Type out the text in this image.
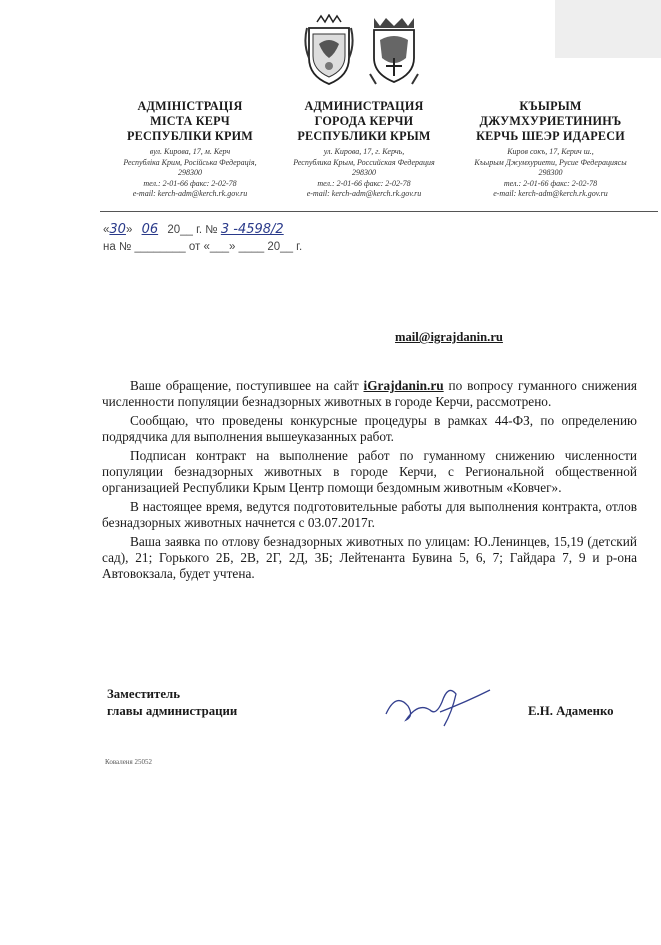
АДМІНІСТРАЦІЯ
МІСТА КЕРЧ
РЕСПУБЛІКИ КРИМ
вул. Кирова, 17, м. Керч
Республіка Крим, Російська Федерація,
298300
тел.: 2-01-66 факс: 2-02-78
e-mail: kerch-adm@kerch.rk.gov.ru
АДМИНИСТРАЦИЯ
ГОРОДА КЕРЧИ
РЕСПУБЛИКИ КРЫМ
ул. Кирова, 17, г. Керчь,
Республика Крым, Российская Федерация
298300
тел.: 2-01-66 факс: 2-02-78
e-mail: kerch-adm@kerch.rk.gov.ru
КЪЫРЫМ
ДЖУМХУРИЕТИНИНЪ
КЕРЧЬ ШЕЭР ИДАРЕСИ
Киров сокъ, 17, Керич ш.,
Къырым Джумхуриети, Русие Федерациясы
298300
тел.: 2-01-66 факс: 2-02-78
e-mail: kerch-adm@kerch.rk.gov.ru
«30» 06 20__ г. № 3 -4598/2
на № ________ от «___» ____ 20__ г.
mail@igrajdanin.ru

Ваше обращение, поступившее на сайт iGrajdanin.ru по вопросу гуманного снижения численности популяции безнадзорных животных в городе Керчи, рассмотрено.

Сообщаю, что проведены конкурсные процедуры в рамках 44-ФЗ, по определению подрядчика для выполнения вышеуказанных работ.

Подписан контракт на выполнение работ по гуманному снижению численности популяции безнадзорных животных в городе Керчи, с Региональной общественной организацией Республики Крым Центр помощи бездомным животным «Ковчег».

В настоящее время, ведутся подготовительные работы для выполнения контракта, отлов безнадзорных животных начнется с 03.07.2017г.

Ваша заявка по отлову безнадзорных животных по улицам: Ю.Ленинцев, 15,19 (детский сад), 21; Горького 2Б, 2В, 2Г, 2Д, 3Б; Лейтенанта Бувина 5, 6, 7; Гайдара 7, 9 и р-она Автовокзала, будет учтена.

Заместитель
главы администрации	Е.Н. Адаменко
Коваленя 25052
